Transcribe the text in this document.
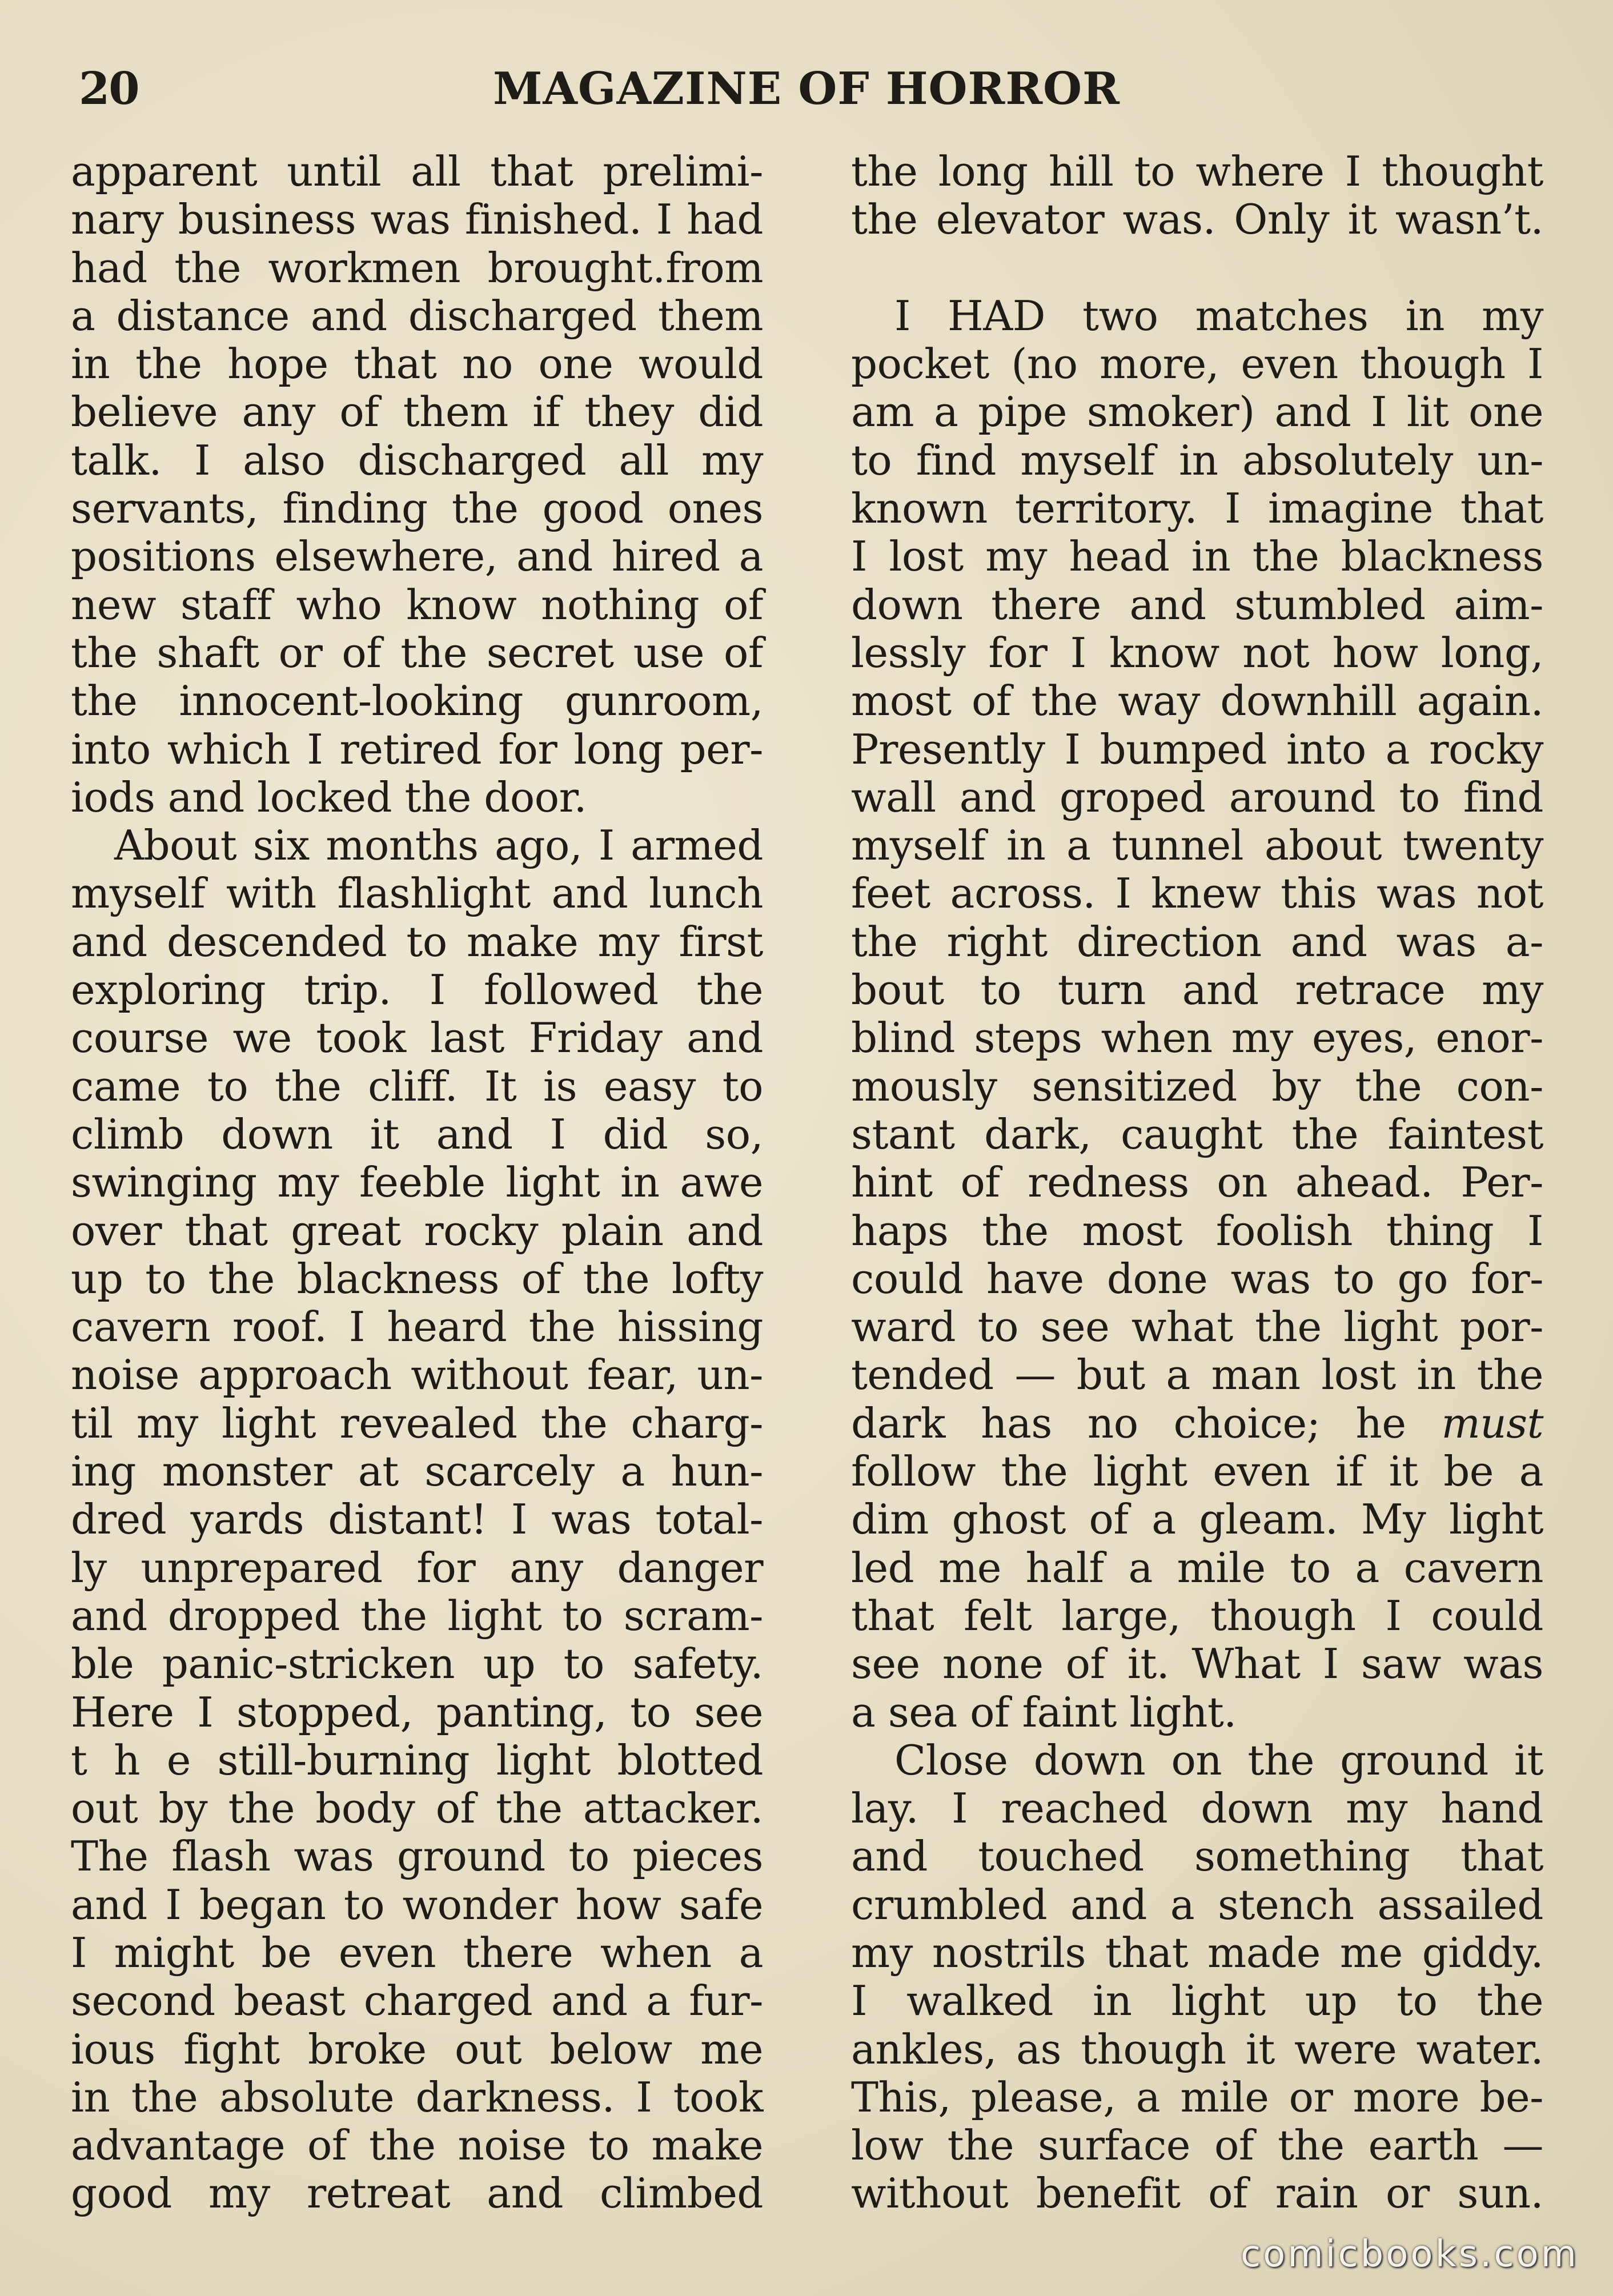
MAGAZINE OF HORROR
20
apparent until all that prelimi-
nary business was finished. I had
had the workmen brought․from
a distance and discharged them
in the hope that no one would
believe any of them if they did
talk. I also discharged all my
servants, finding the good ones
positions elsewhere, and hired a
new staff who know nothing of
the shaft or of the secret use of
the innocent-looking gunroom,
into which I retired for long per-
iods and locked the door.
About six months ago, I armed
myself with flashlight and lunch
and descended to make my first
exploring trip. I followed the
course we took last Friday and
came to the cliff. It is easy to
climb down it and I did so,
swinging my feeble light in awe
over that great rocky plain and
up to the blackness of the lofty
cavern roof. I heard the hissing
noise approach without fear, un-
til my light revealed the charg-
ing monster at scarcely a hun-
dred yards distant! I was total-
ly unprepared for any danger
and dropped the light to scram-
ble panic-stricken up to safety.
Here I stopped, panting, to see
t h e still-burning light blotted
out by the body of the attacker.
The flash was ground to pieces
and I began to wonder how safe
I might be even there when a
second beast charged and a fur-
ious fight broke out below me
in the absolute darkness. I took
advantage of the noise to make
good my retreat and climbed
the long hill to where I thought
the elevator was. Only it wasn’t.
I HAD two matches in my
pocket (no more, even though I
am a pipe smoker) and I lit one
to find myself in absolutely un-
known territory. I imagine that
I lost my head in the blackness
down there and stumbled aim-
lessly for I know not how long,
most of the way downhill again.
Presently I bumped into a rocky
wall and groped around to find
myself in a tunnel about twenty
feet across. I knew this was not
the right direction and was a-
bout to turn and retrace my
blind steps when my eyes, enor-
mously sensitized by the con-
stant dark, caught the faintest
hint of redness on ahead. Per-
haps the most foolish thing I
could have done was to go for-
ward to see what the light por-
tended — but a man lost in the
dark has no choice; he must
follow the light even if it be a
dim ghost of a gleam. My light
led me half a mile to a cavern
that felt large, though I could
see none of it. What I saw was
a sea of faint light.
Close down on the ground it
lay. I reached down my hand
and touched something that
crumbled and a stench assailed
my nostrils that made me giddy.
I walked in light up to the
ankles, as though it were water.
This, please, a mile or more be-
low the surface of the earth —
without benefit of rain or sun.
comicbooks.com
